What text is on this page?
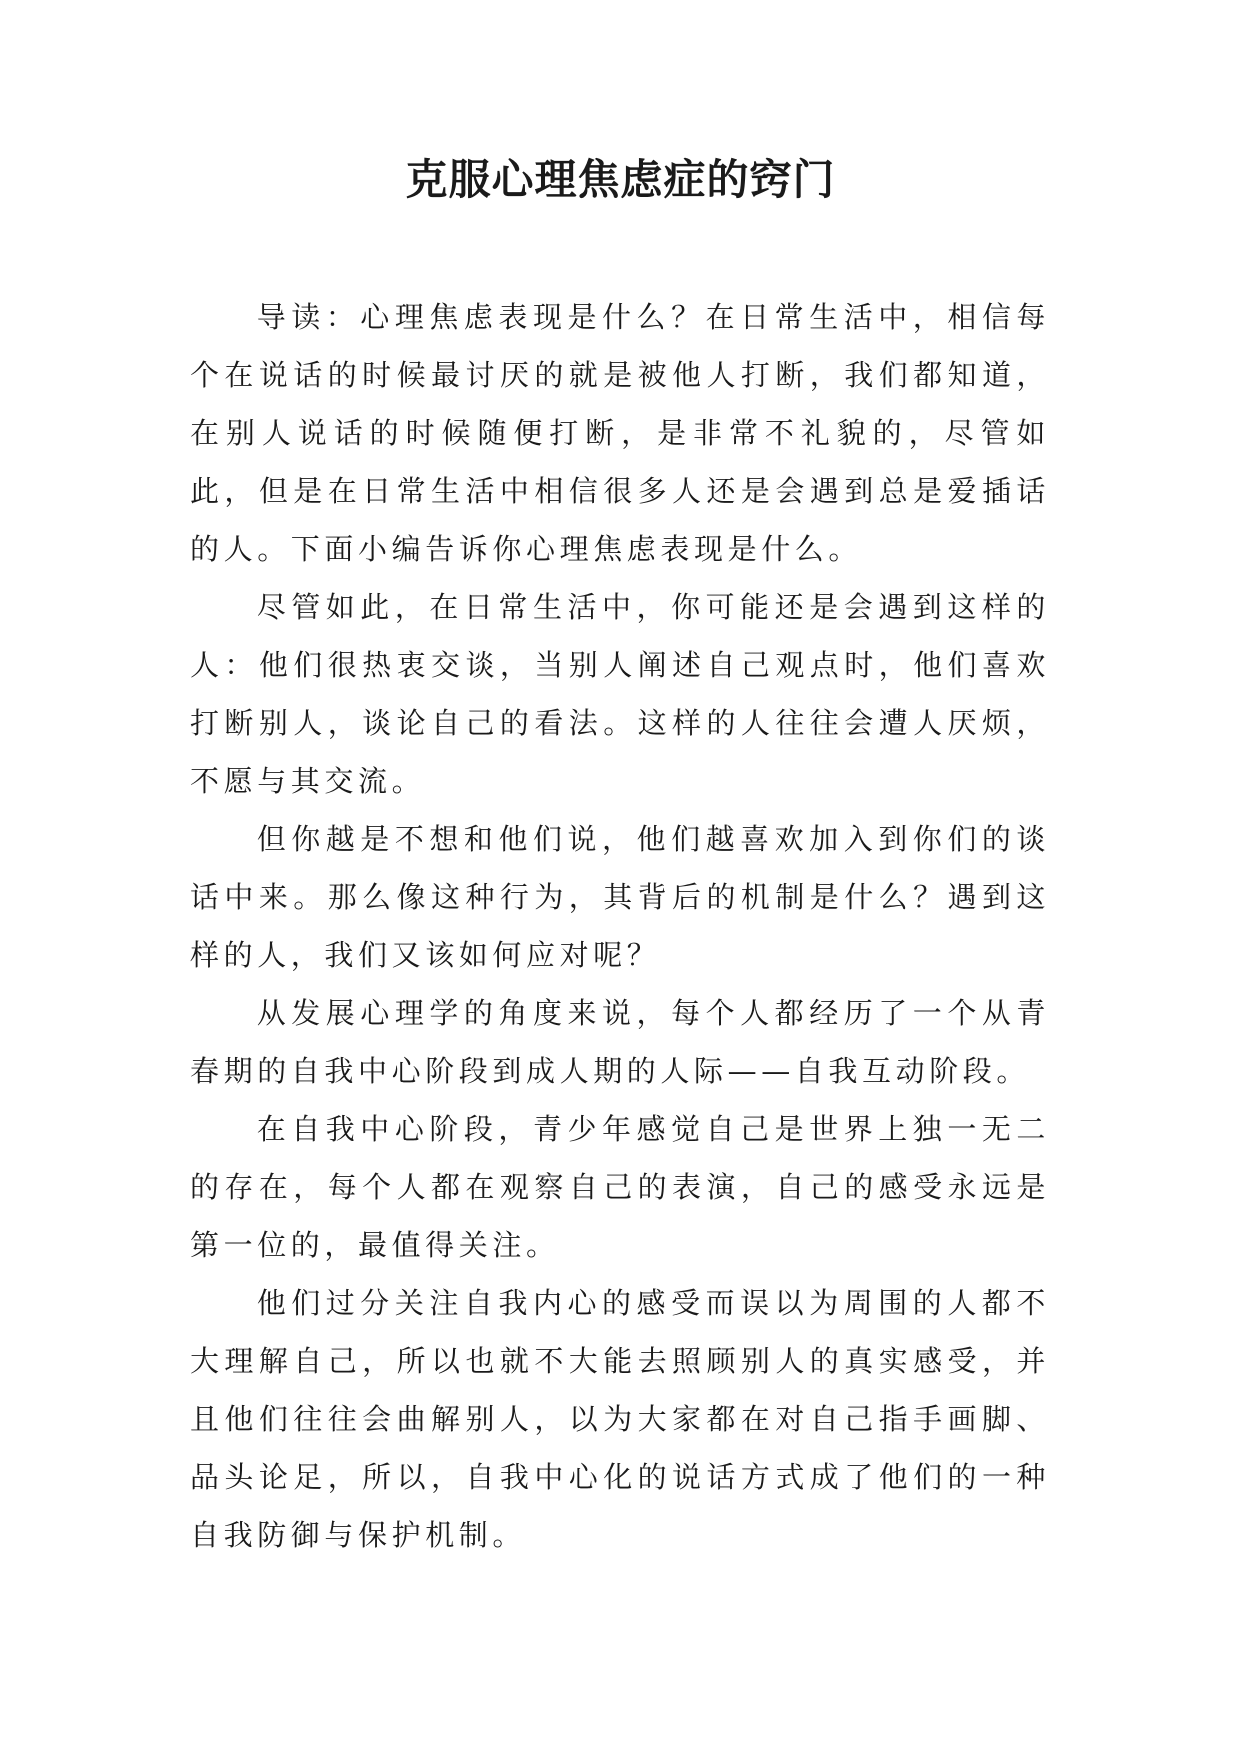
克服心理焦虑症的窍门

导读：心理焦虑表现是什么？在日常生活中，相信每个在说话的时候最讨厌的就是被他人打断，我们都知道，在别人说话的时候随便打断，是非常不礼貌的，尽管如此，但是在日常生活中相信很多人还是会遇到总是爱插话的人。下面小编告诉你心理焦虑表现是什么。

尽管如此，在日常生活中，你可能还是会遇到这样的人：他们很热衷交谈，当别人阐述自己观点时，他们喜欢打断别人，谈论自己的看法。这样的人往往会遭人厌烦，不愿与其交流。

但你越是不想和他们说，他们越喜欢加入到你们的谈话中来。那么像这种行为，其背后的机制是什么？遇到这样的人，我们又该如何应对呢？

从发展心理学的角度来说，每个人都经历了一个从青春期的自我中心阶段到成人期的人际——自我互动阶段。

在自我中心阶段，青少年感觉自己是世界上独一无二的存在，每个人都在观察自己的表演，自己的感受永远是第一位的，最值得关注。

他们过分关注自我内心的感受而误以为周围的人都不大理解自己，所以也就不大能去照顾别人的真实感受，并且他们往往会曲解别人，以为大家都在对自己指手画脚、品头论足，所以，自我中心化的说话方式成了他们的一种自我防御与保护机制。
